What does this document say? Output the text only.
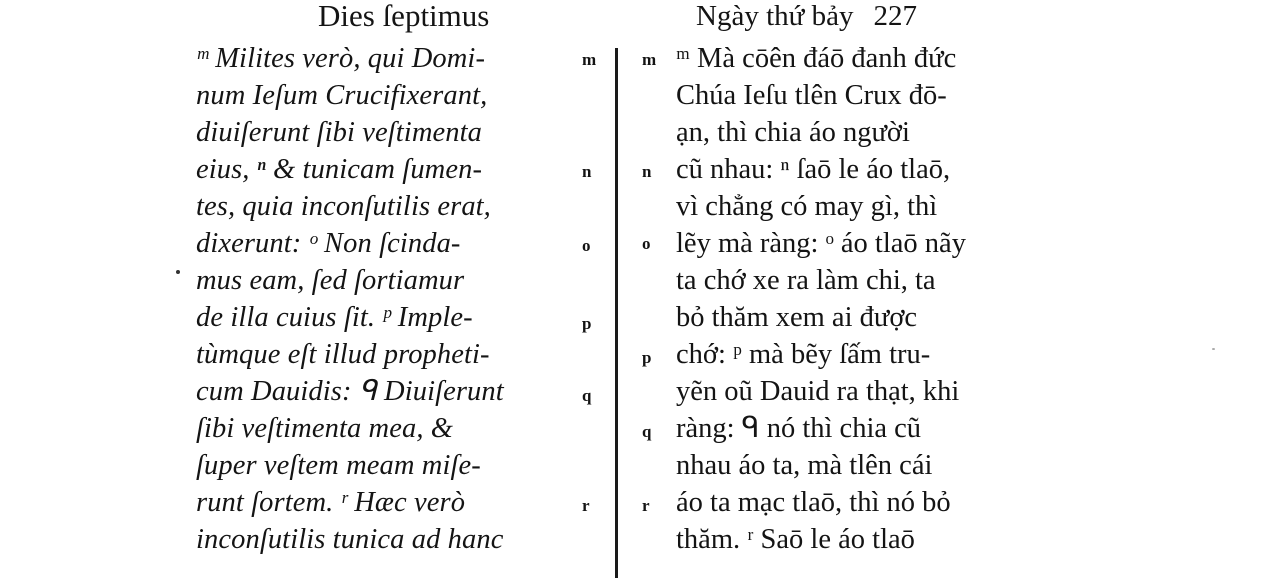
Dies ſeptimus	Ngày thứ bảy 227
ᵐ Milites verò, qui Domi-
num Ieſum Crucifixerant,
diuiſerunt ſibi veſtimenta
eius, ⁿ & tunicam ſumen-
tes, quia inconſutilis erat,
dixerunt: ᵒ Non ſcinda-
mus eam, ſed ſortiamur
de illa cuius ſit. ᵖ Imple-
tùmque eſt illud propheti-
cum Dauidis: ᑫ Diuiſerunt
ſibi veſtimenta mea, &
ſuper veſtem meam miſe-
runt ſortem. ʳ Hæc verò
inconſutilis tunica ad hanc
m
n
o
p
q
r
m
n
o
p
q
r
ᵐ Mà cōên đáō đanh đức
Chúa Ieſu tlên Crux đō-
ạn, thì chia áo người
cũ nhau: ⁿ ſaō le áo tlaō,
vì chẳng có may gì, thì
lẽy mà ràng: ᵒ áo tlaō nãy
ta chớ xe ra làm chi, ta
bỏ thăm xem ai được
chớ: ᵖ mà bẽy ſấm tru-
yẽn oũ Dauid ra thạt, khi
ràng: ᑫ nó thì chia cũ
nhau áo ta, mà tlên cái
áo ta mạc tlaō, thì nó bỏ
thăm. ʳ Saō le áo tlaō
